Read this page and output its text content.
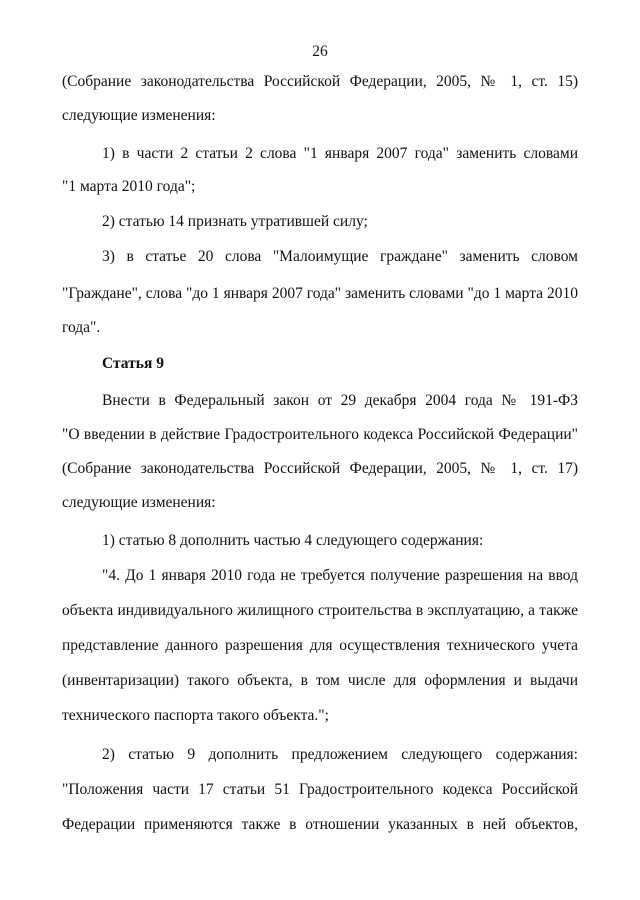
26
(Собрание законодательства Российской Федерации, 2005, № 1, ст. 15)
следующие изменения:
1) в части 2 статьи 2 слова "1 января 2007 года" заменить словами
"1 марта 2010 года";
2) статью 14 признать утратившей силу;
3) в статье 20 слова "Малоимущие граждане" заменить словом
"Граждане", слова "до 1 января 2007 года" заменить словами "до 1 марта 2010
года".
Статья 9
Внести в Федеральный закон от 29 декабря 2004 года № 191-ФЗ
"О введении в действие Градостроительного кодекса Российской Федерации"
(Собрание законодательства Российской Федерации, 2005, № 1, ст. 17)
следующие изменения:
1) статью 8 дополнить частью 4 следующего содержания:
"4. До 1 января 2010 года не требуется получение разрешения на ввод
объекта индивидуального жилищного строительства в эксплуатацию, а также
представление данного разрешения для осуществления технического учета
(инвентаризации) такого объекта, в том числе для оформления и выдачи
технического паспорта такого объекта.";
2) статью 9 дополнить предложением следующего содержания:
"Положения части 17 статьи 51 Градостроительного кодекса Российской
Федерации применяются также в отношении указанных в ней объектов,
